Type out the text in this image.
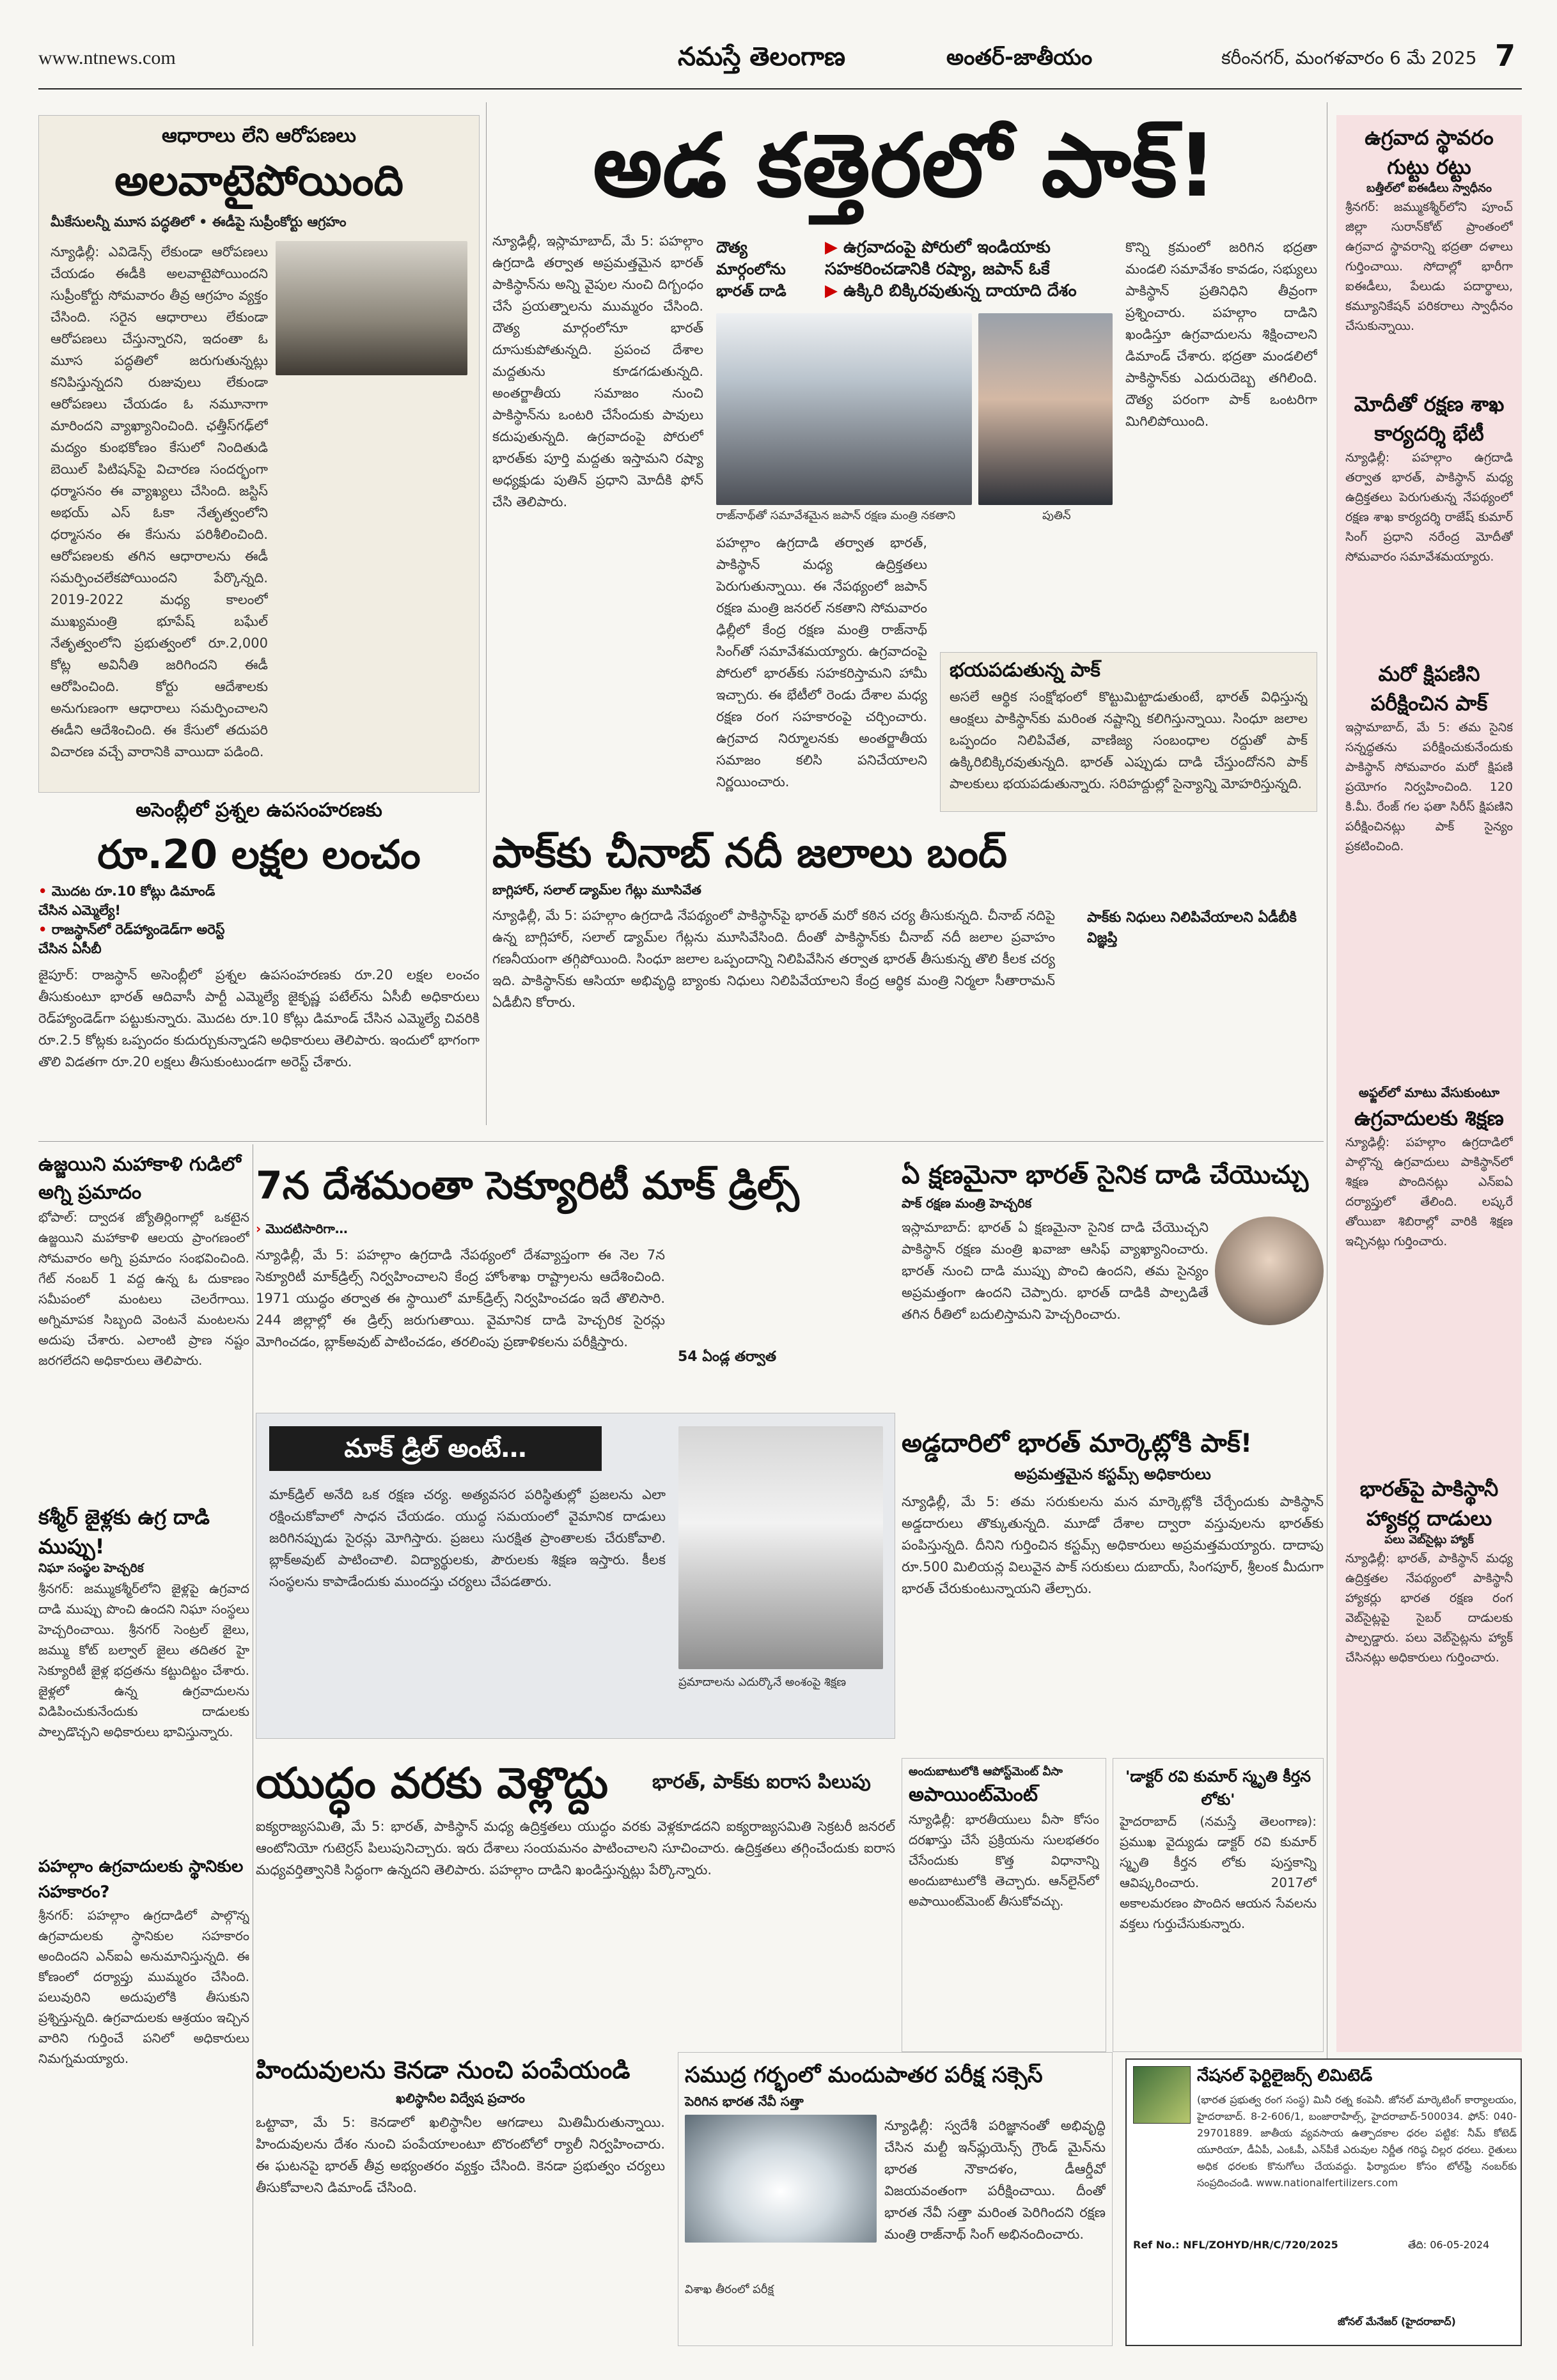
www.ntnews.com	నమస్తే తెలంగాణ	అంతర్-జాతీయం	కరీంనగర్, మంగళవారం 6 మే 2025 7
ఆధారాలు లేని ఆరోపణలు
అలవాటైపోయింది
మీకేసులన్నీ మూస పద్ధతిలో • ఈడీపై సుప్రీంకోర్టు ఆగ్రహం
న్యూఢిల్లీ: ఎవిడెన్స్ లేకుండా ఆరోపణలు చేయడం ఈడీకి అలవాటైపోయిందని సుప్రీంకోర్టు సోమవారం తీవ్ర ఆగ్రహం వ్యక్తం చేసింది. సరైన ఆధారాలు లేకుండా ఆరోపణలు చేస్తున్నారని, ఇదంతా ఓ మూస పద్ధతిలో జరుగుతున్నట్లు కనిపిస్తున్నదని రుజువులు లేకుండా ఆరోపణలు చేయడం ఓ నమూనాగా మారిందని వ్యాఖ్యానించింది. ఛత్తీస్‌గఢ్‌లో మద్యం కుంభకోణం కేసులో నిందితుడి బెయిల్ పిటిషన్‌పై విచారణ సందర్భంగా ధర్మాసనం ఈ వ్యాఖ్యలు చేసింది. జస్టిస్ అభయ్ ఎస్ ఓకా నేతృత్వంలోని ధర్మాసనం ఈ కేసును పరిశీలించింది. ఆరోపణలకు తగిన ఆధారాలను ఈడీ సమర్పించలేకపోయిందని పేర్కొన్నది. 2019-2022 మధ్య కాలంలో ముఖ్యమంత్రి భూపేష్ బఘేల్ నేతృత్వంలోని ప్రభుత్వంలో రూ.2,000 కోట్ల అవినీతి జరిగిందని ఈడీ ఆరోపించింది. కోర్టు ఆదేశాలకు అనుగుణంగా ఆధారాలు సమర్పించాలని ఈడీని ఆదేశించింది. ఈ కేసులో తదుపరి విచారణ వచ్చే వారానికి వాయిదా పడింది.
అడ కత్తెరలో పాక్!
న్యూఢిల్లీ, ఇస్లామాబాద్, మే 5: పహల్గాం ఉగ్రదాడి తర్వాత అప్రమత్తమైన భారత్ పాకిస్థాన్‌ను అన్ని వైపుల నుంచి దిగ్బంధం చేసే ప్రయత్నాలను ముమ్మరం చేసింది. దౌత్య మార్గంలోనూ భారత్ దూసుకుపోతున్నది. ప్రపంచ దేశాల మద్దతును కూడగడుతున్నది. అంతర్జాతీయ సమాజం నుంచి పాకిస్థాన్‌ను ఒంటరి చేసేందుకు పావులు కదుపుతున్నది. ఉగ్రవాదంపై పోరులో భారత్‌కు పూర్తి మద్దతు ఇస్తామని రష్యా అధ్యక్షుడు పుతిన్ ప్రధాని మోదీకి ఫోన్ చేసి తెలిపారు.
దౌత్య మార్గంలోను భారత్ దాడి
▶ ఉగ్రవాదంపై పోరులో ఇండియాకు సహకరించడానికి రష్యా, జపాన్ ఓకే
▶ ఉక్కిరి బిక్కిరవుతున్న దాయాది దేశం
రాజ్‌నాథ్‌తో సమావేశమైన జపాన్ రక్షణ మంత్రి నకతాని	పుతిన్
పహల్గాం ఉగ్రదాడి తర్వాత భారత్, పాకిస్థాన్ మధ్య ఉద్రిక్తతలు పెరుగుతున్నాయి. ఈ నేపథ్యంలో జపాన్ రక్షణ మంత్రి జనరల్ నకతాని సోమవారం ఢిల్లీలో కేంద్ర రక్షణ మంత్రి రాజ్‌నాథ్ సింగ్‌తో సమావేశమయ్యారు. ఉగ్రవాదంపై పోరులో భారత్‌కు సహకరిస్తామని హామీ ఇచ్చారు. ఈ భేటీలో రెండు దేశాల మధ్య రక్షణ రంగ సహకారంపై చర్చించారు. ఉగ్రవాద నిర్మూలనకు అంతర్జాతీయ సమాజం కలిసి పనిచేయాలని నిర్ణయించారు.
కొన్ని క్రమంలో జరిగిన భద్రతా మండలి సమావేశం కావడం, సభ్యులు పాకిస్థాన్ ప్రతినిధిని తీవ్రంగా ప్రశ్నించారు. పహల్గాం దాడిని ఖండిస్తూ ఉగ్రవాదులను శిక్షించాలని డిమాండ్ చేశారు. భద్రతా మండలిలో పాకిస్థాన్‌కు ఎదురుదెబ్బ తగిలింది. దౌత్య పరంగా పాక్ ఒంటరిగా మిగిలిపోయింది.
భయపడుతున్న పాక్
అసలే ఆర్థిక సంక్షోభంలో కొట్టుమిట్టాడుతుంటే, భారత్ విధిస్తున్న ఆంక్షలు పాకిస్థాన్‌కు మరింత నష్టాన్ని కలిగిస్తున్నాయి. సింధూ జలాల ఒప్పందం నిలిపివేత, వాణిజ్య సంబంధాల రద్దుతో పాక్ ఉక్కిరిబిక్కిరవుతున్నది. భారత్ ఎప్పుడు దాడి చేస్తుందోనని పాక్ పాలకులు భయపడుతున్నారు. సరిహద్దుల్లో సైన్యాన్ని మోహరిస్తున్నది.
అసెంబ్లీలో ప్రశ్నల ఉపసంహరణకు
రూ.20 లక్షల లంచం
• మొదట రూ.10 కోట్లు డిమాండ్ చేసిన ఎమ్మెల్యే!
• రాజస్థాన్‌లో రెడ్‌హ్యాండెడ్‌గా అరెస్ట్ చేసిన ఏసీబీ
జైపూర్: రాజస్థాన్ అసెంబ్లీలో ప్రశ్నల ఉపసంహరణకు రూ.20 లక్షల లంచం తీసుకుంటూ భారత్ ఆదివాసీ పార్టీ ఎమ్మెల్యే జైకృష్ణ పటేల్‌ను ఏసీబీ అధికారులు రెడ్‌హ్యాండెడ్‌గా పట్టుకున్నారు. మొదట రూ.10 కోట్లు డిమాండ్ చేసిన ఎమ్మెల్యే చివరికి రూ.2.5 కోట్లకు ఒప్పందం కుదుర్చుకున్నాడని అధికారులు తెలిపారు. ఇందులో భాగంగా తొలి విడతగా రూ.20 లక్షలు తీసుకుంటుండగా అరెస్ట్ చేశారు.
పాక్‌కు చీనాబ్ నదీ జలాలు బంద్
బాగ్లిహార్, సలాల్ డ్యామ్‌ల గేట్లు మూసివేత
న్యూఢిల్లీ, మే 5: పహల్గాం ఉగ్రదాడి నేపథ్యంలో పాకిస్థాన్‌పై భారత్ మరో కఠిన చర్య తీసుకున్నది. చీనాబ్ నదిపై ఉన్న బాగ్లిహార్, సలాల్ డ్యామ్‌ల గేట్లను మూసివేసింది. దీంతో పాకిస్థాన్‌కు చీనాబ్ నదీ జలాల ప్రవాహం గణనీయంగా తగ్గిపోయింది. సింధూ జలాల ఒప్పందాన్ని నిలిపివేసిన తర్వాత భారత్ తీసుకున్న తొలి కీలక చర్య ఇది. పాకిస్థాన్‌కు ఆసియా అభివృద్ధి బ్యాంకు నిధులు నిలిపివేయాలని కేంద్ర ఆర్థిక మంత్రి నిర్మలా సీతారామన్ ఏడీబీని కోరారు.
పాక్‌కు నిధులు నిలిపివేయాలని ఏడీబీకి విజ్ఞప్తి
ఉగ్రవాద స్థావరం గుట్టు రట్టు
బత్తీల్‌లో ఐఈడీలు స్వాధీనం
శ్రీనగర్: జమ్ముకశ్మీర్‌లోని పూంచ్ జిల్లా సురాన్‌కోట్ ప్రాంతంలో ఉగ్రవాద స్థావరాన్ని భద్రతా దళాలు గుర్తించాయి. సోదాల్లో భారీగా ఐఈడీలు, పేలుడు పదార్థాలు, కమ్యూనికేషన్ పరికరాలు స్వాధీనం చేసుకున్నాయి.
మోదీతో రక్షణ శాఖ కార్యదర్శి భేటీ
న్యూఢిల్లీ: పహల్గాం ఉగ్రదాడి తర్వాత భారత్, పాకిస్థాన్ మధ్య ఉద్రిక్తతలు పెరుగుతున్న నేపథ్యంలో రక్షణ శాఖ కార్యదర్శి రాజేష్ కుమార్ సింగ్ ప్రధాని నరేంద్ర మోదీతో సోమవారం సమావేశమయ్యారు.
మరో క్షిపణిని పరీక్షించిన పాక్
ఇస్లామాబాద్, మే 5: తమ సైనిక సన్నద్ధతను పరీక్షించుకునేందుకు పాకిస్థాన్ సోమవారం మరో క్షిపణి ప్రయోగం నిర్వహించింది. 120 కి.మీ. రేంజ్ గల ఫతా సిరీస్ క్షిపణిని పరీక్షించినట్లు పాక్ సైన్యం ప్రకటించింది.
అఫ్జల్‌లో మాటు వేసుకుంటూ
ఉగ్రవాదులకు శిక్షణ
న్యూఢిల్లీ: పహల్గాం ఉగ్రదాడిలో పాల్గొన్న ఉగ్రవాదులు పాకిస్థాన్‌లో శిక్షణ పొందినట్లు ఎన్‌ఐఏ దర్యాప్తులో తేలింది. లష్కరే తోయిబా శిబిరాల్లో వారికి శిక్షణ ఇచ్చినట్లు గుర్తించారు.
భారత్‌పై పాకిస్థానీ హ్యాకర్ల దాడులు
పలు వెబ్‌సైట్లు హ్యాక్
న్యూఢిల్లీ: భారత్, పాకిస్థాన్ మధ్య ఉద్రిక్తతల నేపథ్యంలో పాకిస్థానీ హ్యాకర్లు భారత రక్షణ రంగ వెబ్‌సైట్లపై సైబర్ దాడులకు పాల్పడ్డారు. పలు వెబ్‌సైట్లను హ్యాక్ చేసినట్లు అధికారులు గుర్తించారు.
ఉజ్జయిని మహాకాళి గుడిలో అగ్ని ప్రమాదం
భోపాల్: ద్వాదశ జ్యోతిర్లింగాల్లో ఒకటైన ఉజ్జయిని మహాకాళి ఆలయ ప్రాంగణంలో సోమవారం అగ్ని ప్రమాదం సంభవించింది. గేట్ నంబర్ 1 వద్ద ఉన్న ఓ దుకాణం సమీపంలో మంటలు చెలరేగాయి. అగ్నిమాపక సిబ్బంది వెంటనే మంటలను అదుపు చేశారు. ఎలాంటి ప్రాణ నష్టం జరగలేదని అధికారులు తెలిపారు.
కశ్మీర్ జైళ్లకు ఉగ్ర దాడి ముప్పు!
నిఘా సంస్థల హెచ్చరిక
శ్రీనగర్: జమ్ముకశ్మీర్‌లోని జైళ్లపై ఉగ్రవాద దాడి ముప్పు పొంచి ఉందని నిఘా సంస్థలు హెచ్చరించాయి. శ్రీనగర్ సెంట్రల్ జైలు, జమ్ము కోట్ బల్వాల్ జైలు తదితర హై సెక్యూరిటీ జైళ్ల భద్రతను కట్టుదిట్టం చేశారు. జైళ్లలో ఉన్న ఉగ్రవాదులను విడిపించుకునేందుకు దాడులకు పాల్పడొచ్చని అధికారులు భావిస్తున్నారు.
పహల్గాం ఉగ్రవాదులకు స్థానికుల సహకారం?
శ్రీనగర్: పహల్గాం ఉగ్రదాడిలో పాల్గొన్న ఉగ్రవాదులకు స్థానికుల సహకారం అందిందని ఎన్‌ఐఏ అనుమానిస్తున్నది. ఈ కోణంలో దర్యాప్తు ముమ్మరం చేసింది. పలువురిని అదుపులోకి తీసుకుని ప్రశ్నిస్తున్నది. ఉగ్రవాదులకు ఆశ్రయం ఇచ్చిన వారిని గుర్తించే పనిలో అధికారులు నిమగ్నమయ్యారు.
7న దేశమంతా సెక్యూరిటీ మాక్ డ్రిల్స్
› మొదటిసారిగా…
న్యూఢిల్లీ, మే 5: పహల్గాం ఉగ్రదాడి నేపథ్యంలో దేశవ్యాప్తంగా ఈ నెల 7న సెక్యూరిటీ మాక్‌డ్రిల్స్ నిర్వహించాలని కేంద్ర హోంశాఖ రాష్ట్రాలను ఆదేశించింది. 1971 యుద్ధం తర్వాత ఈ స్థాయిలో మాక్‌డ్రిల్స్ నిర్వహించడం ఇదే తొలిసారి. 244 జిల్లాల్లో ఈ డ్రిల్స్ జరుగుతాయి. వైమానిక దాడి హెచ్చరిక సైరన్లు మోగించడం, బ్లాక్అవుట్ పాటించడం, తరలింపు ప్రణాళికలను పరీక్షిస్తారు.
54 ఏండ్ల తర్వాత
మాక్ డ్రిల్ అంటే…
మాక్‌డ్రిల్ అనేది ఒక రక్షణ చర్య. అత్యవసర పరిస్థితుల్లో ప్రజలను ఎలా రక్షించుకోవాలో సాధన చేయడం. యుద్ధ సమయంలో వైమానిక దాడులు జరిగినప్పుడు సైరన్లు మోగిస్తారు. ప్రజలు సురక్షిత ప్రాంతాలకు చేరుకోవాలి. బ్లాక్అవుట్ పాటించాలి. విద్యార్థులకు, పౌరులకు శిక్షణ ఇస్తారు. కీలక సంస్థలను కాపాడేందుకు ముందస్తు చర్యలు చేపడతారు.
ప్రమాదాలను ఎదుర్కొనే అంశంపై శిక్షణ
ఏ క్షణమైనా భారత్ సైనిక దాడి చేయొచ్చు
పాక్ రక్షణ మంత్రి హెచ్చరిక
ఇస్లామాబాద్: భారత్ ఏ క్షణమైనా సైనిక దాడి చేయొచ్చని పాకిస్థాన్ రక్షణ మంత్రి ఖవాజా ఆసిఫ్ వ్యాఖ్యానించారు. భారత్ నుంచి దాడి ముప్పు పొంచి ఉందని, తమ సైన్యం అప్రమత్తంగా ఉందని చెప్పారు. భారత్ దాడికి పాల్పడితే తగిన రీతిలో బదులిస్తామని హెచ్చరించారు.
అడ్డదారిలో భారత్ మార్కెట్లోకి పాక్!
అప్రమత్తమైన కస్టమ్స్ అధికారులు
న్యూఢిల్లీ, మే 5: తమ సరుకులను మన మార్కెట్లోకి చేర్చేందుకు పాకిస్థాన్ అడ్డదారులు తొక్కుతున్నది. మూడో దేశాల ద్వారా వస్తువులను భారత్‌కు పంపిస్తున్నది. దీనిని గుర్తించిన కస్టమ్స్ అధికారులు అప్రమత్తమయ్యారు. దాదాపు రూ.500 మిలియన్ల విలువైన పాక్ సరుకులు దుబాయ్, సింగపూర్, శ్రీలంక మీదుగా భారత్ చేరుకుంటున్నాయని తేల్చారు.
అందుబాటులోకి ఆపోస్ట్‌మెంట్ వీసా
అపాయింట్‌మెంట్
న్యూఢిల్లీ: భారతీయులు వీసా కోసం దరఖాస్తు చేసే ప్రక్రియను సులభతరం చేసేందుకు కొత్త విధానాన్ని అందుబాటులోకి తెచ్చారు. ఆన్‌లైన్‌లో అపాయింట్‌మెంట్ తీసుకోవచ్చు.
'డాక్టర్ రవి కుమార్ స్మృతి కీర్తన లోకు'
హైదరాబాద్ (నమస్తే తెలంగాణ): ప్రముఖ వైద్యుడు డాక్టర్ రవి కుమార్ స్మృతి కీర్తన లోకు పుస్తకాన్ని ఆవిష్కరించారు. 2017లో అకాలమరణం పొందిన ఆయన సేవలను వక్తలు గుర్తుచేసుకున్నారు.
యుద్ధం వరకు వెళ్లొద్దు	భారత్, పాక్‌కు ఐరాస పిలుపు
ఐక్యరాజ్యసమితి, మే 5: భారత్, పాకిస్థాన్ మధ్య ఉద్రిక్తతలు యుద్ధం వరకు వెళ్లకూడదని ఐక్యరాజ్యసమితి సెక్రటరీ జనరల్ ఆంటోనియో గుటెర్రస్ పిలుపునిచ్చారు. ఇరు దేశాలు సంయమనం పాటించాలని సూచించారు. ఉద్రిక్తతలు తగ్గించేందుకు ఐరాస మధ్యవర్తిత్వానికి సిద్ధంగా ఉన్నదని తెలిపారు. పహల్గాం దాడిని ఖండిస్తున్నట్లు పేర్కొన్నారు.
హిందువులను కెనడా నుంచి పంపేయండి
ఖలిస్థానీల విద్వేష ప్రచారం
ఒట్టావా, మే 5: కెనడాలో ఖలిస్థానీల ఆగడాలు మితిమీరుతున్నాయి. హిందువులను దేశం నుంచి పంపేయాలంటూ టొరంటోలో ర్యాలీ నిర్వహించారు. ఈ ఘటనపై భారత్ తీవ్ర అభ్యంతరం వ్యక్తం చేసింది. కెనడా ప్రభుత్వం చర్యలు తీసుకోవాలని డిమాండ్ చేసింది.
సముద్ర గర్భంలో మందుపాతర పరీక్ష సక్సెస్
పెరిగిన భారత నేవీ సత్తా
న్యూఢిల్లీ: స్వదేశీ పరిజ్ఞానంతో అభివృద్ధి చేసిన మల్టీ ఇన్‌ఫ్లుయెన్స్ గ్రౌండ్ మైన్‌ను భారత నౌకాదళం, డీఆర్డీవో విజయవంతంగా పరీక్షించాయి. దీంతో భారత నేవీ సత్తా మరింత పెరిగిందని రక్షణ మంత్రి రాజ్‌నాథ్ సింగ్ అభినందించారు.
విశాఖ తీరంలో పరీక్ష
నేషనల్ ఫెర్టిలైజర్స్ లిమిటెడ్
(భారత ప్రభుత్వ రంగ సంస్థ) మినీ రత్న కంపెనీ. జోనల్ మార్కెటింగ్ కార్యాలయం, హైదరాబాద్. 8-2-606/1, బంజారాహిల్స్, హైదరాబాద్-500034. ఫోన్: 040-29701889. జాతీయ వ్యవసాయ ఉత్పాదకాల ధరల పట్టిక: నీమ్ కోటెడ్ యూరియా, డీఏపీ, ఎంఓపీ, ఎన్‌పీకే ఎరువుల నిర్ణీత గరిష్ఠ చిల్లర ధరలు. రైతులు అధిక ధరలకు కొనుగోలు చేయవద్దు. ఫిర్యాదుల కోసం టోల్‌ఫ్రీ నంబర్‌కు సంప్రదించండి. www.nationalfertilizers.com
Ref No.: NFL/ZOHYD/HR/C/720/2025	తేది: 06-05-2024
జోనల్ మేనేజర్ (హైదరాబాద్)
